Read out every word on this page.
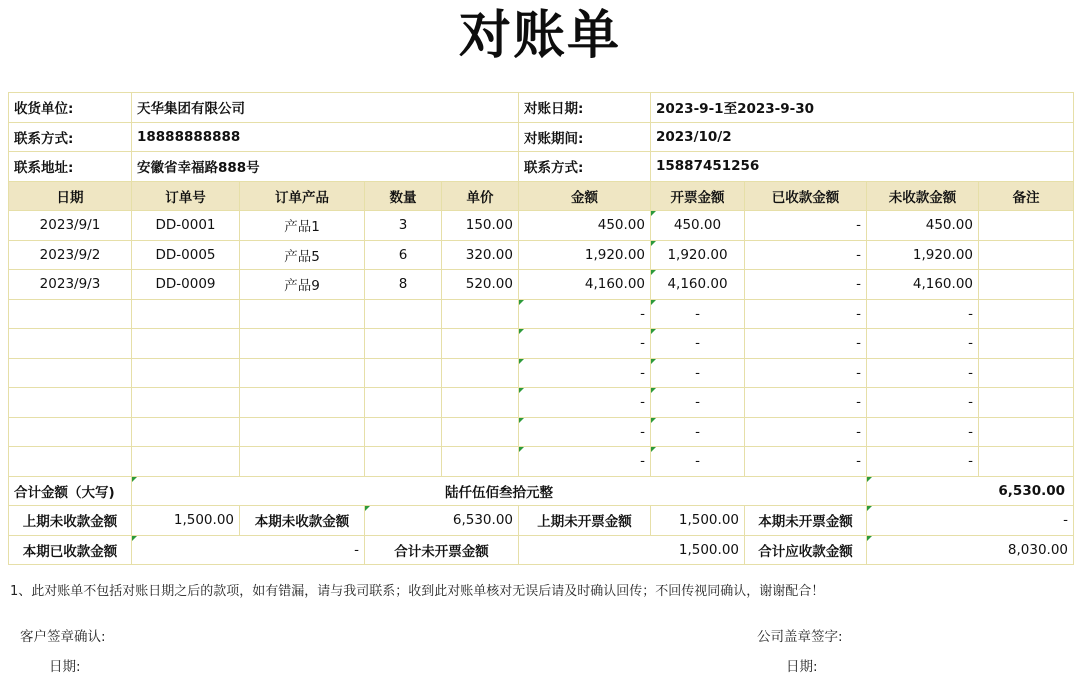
对账单
收货单位:	天华集团有限公司				对账日期:	2023-9-1至2023-9-30			
联系方式:	18888888888				对账期间:	2023/10/2			
联系地址:	安徽省幸福路888号				联系方式:	15887451256			
日期	订单号	订单产品	数量	单价	金额	开票金额	已收款金额	未收款金额	备注
2023/9/1	DD-0001	产品1	3	150.00	450.00	450.00	-	450.00	
2023/9/2	DD-0005	产品5	6	320.00	1,920.00	1,920.00	-	1,920.00	
2023/9/3	DD-0009	产品9	8	520.00	4,160.00	4,160.00	-	4,160.00	
					-	-	-	-	
					-	-	-	-	
					-	-	-	-	
					-	-	-	-	
					-	-	-	-	
					-	-	-	-	
合计金额（大写)	陆仟伍佰叁拾元整							6,530.00	
上期未收款金额	1,500.00	本期未收款金额	6,530.00		上期未开票金额	1,500.00	本期未开票金额	-	
本期已收款金额	-		合计未开票金额		1,500.00		合计应收款金额	8,030.00	
1、此对账单不包括对账日期之后的款项，如有错漏，请与我司联系；收到此对账单核对无误后请及时确认回传；不回传视同确认，谢谢配合！
客户签章确认:	公司盖章签字:
日期:	日期:
